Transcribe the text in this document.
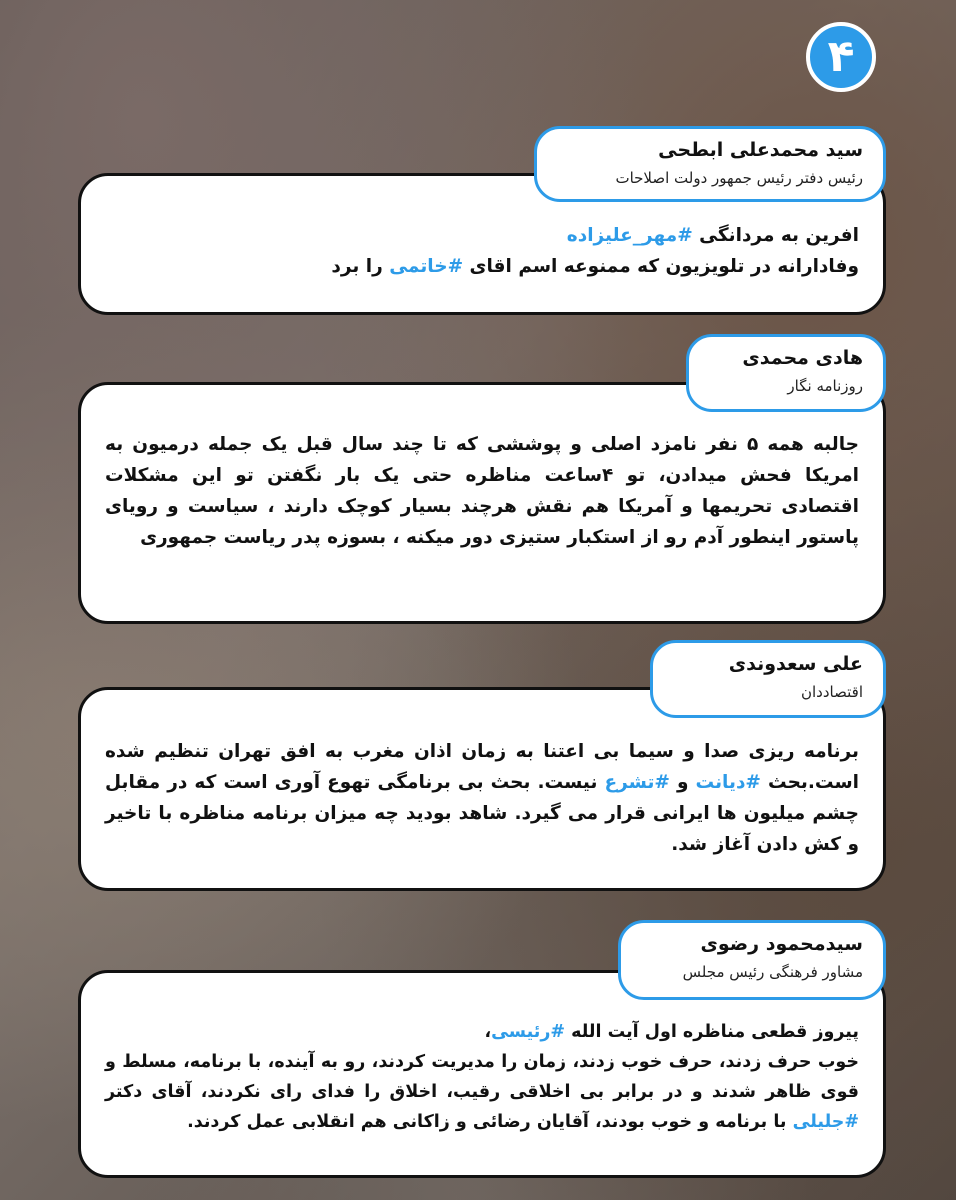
۴

افرین به مردانگی #مهر_علیزاده

وفادارانه در تلویزیون که ممنوعه اسم اقای #خاتمی را برد

سید محمدعلی ابطحی
رئیس دفتر رئیس جمهور دولت اصلاحات

جالبه همه ۵ نفر نامزد اصلی و پوششی که تا چند سال قبل یک جمله درمیون به امریکا فحش میدادن، تو ۴ساعت مناظره حتی یک بار نگفتن تو این مشکلات اقتصادی تحریمها و آمریکا هم نقش هرچند بسیار کوچک دارند ، سیاست و رویای پاستور اینطور آدم رو از استکبار ستیزی دور میکنه ، بسوزه پدر ریاست جمهوری

هادی محمدی
روزنامه نگار

برنامه ریزی صدا و سیما بی اعتنا به زمان اذان مغرب به افق تهران تنظیم شده است.بحث #دیانت و #تشرع نیست. بحث بی برنامگی تهوع آوری است که در مقابل چشم میلیون ها ایرانی قرار می گیرد. شاهد بودید چه میزان برنامه مناظره با تاخیر و کش دادن آغاز شد.

علی سعدوندی
اقتصاددان

پیروز قطعی مناظره اول آیت الله #رئیسی،

خوب حرف زدند، حرف خوب زدند، زمان را مدیریت کردند، رو به آینده، با برنامه، مسلط و قوی ظاهر شدند و در برابر بی اخلاقی رقیب، اخلاق را فدای رای نکردند، آقای دکتر #جلیلی با برنامه و خوب بودند، آقایان رضائی و زاکانی هم انقلابی عمل کردند.

سیدمحمود رضوی
مشاور فرهنگی رئیس مجلس
